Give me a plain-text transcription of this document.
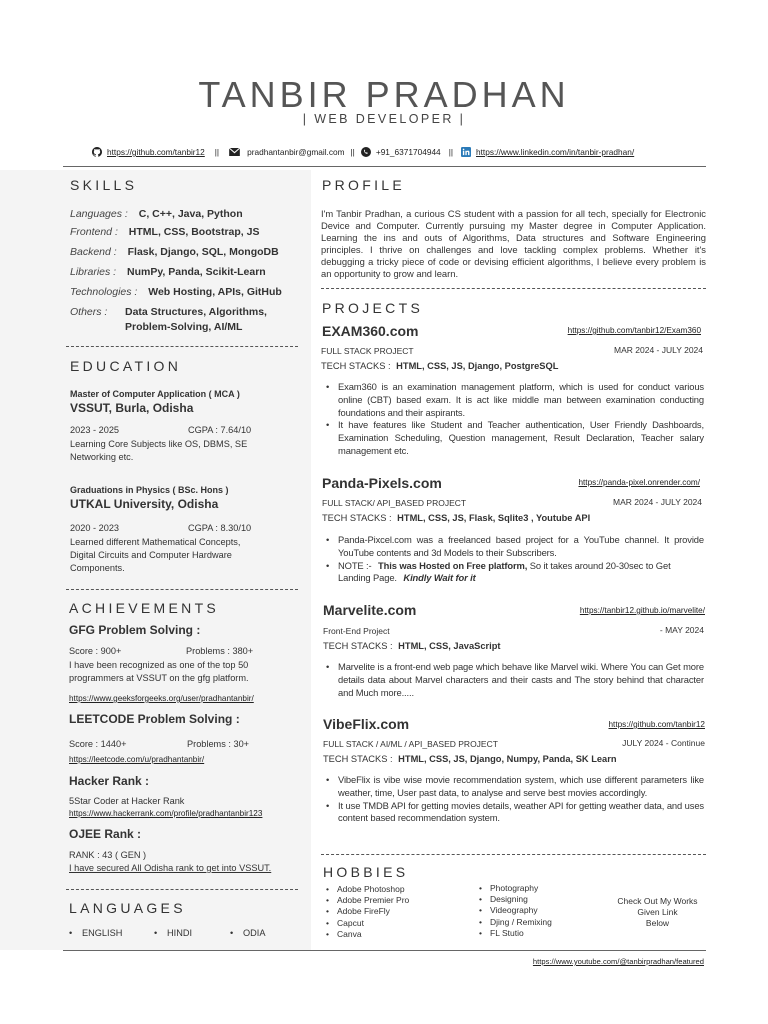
TANBIR PRADHAN
| WEB DEVELOPER |
https://github.com/tanbir12 ||	pradhantanbir@gmail.com ||	+91_6371704944 ||	https://www.linkedin.com/in/tanbir-pradhan/
SKILLS
Languages : C, C++, Java, Python
Frontend : HTML, CSS, Bootstrap, JS
Backend : Flask, Django, SQL, MongoDB
Libraries : NumPy, Panda, Scikit-Learn
Technologies : Web Hosting, APIs, GitHub
Others : Data Structures, Algorithms,
Problem-Solving, AI/ML
EDUCATION
Master of Computer Application ( MCA )
VSSUT, Burla, Odisha
2023 - 2025	CGPA : 7.64/10
Learning Core Subjects like OS, DBMS, SE
Networking etc.
Graduations in Physics ( BSc. Hons )
UTKAL University, Odisha
2020 - 2023	CGPA : 8.30/10
Learned different Mathematical Concepts,
Digital Circuits and Computer Hardware
Components.
ACHIEVEMENTS
GFG Problem Solving :
Score : 900+	Problems : 380+
I have been recognized as one of the top 50
programmers at VSSUT on the gfg platform.
https://www.geeksforgeeks.org/user/pradhantanbir/
LEETCODE Problem Solving :
Score : 1440+	Problems : 30+
https://leetcode.com/u/pradhantanbir/
Hacker Rank :
5Star Coder at Hacker Rank
https://www.hackerrank.com/profile/pradhantanbir123
OJEE Rank :
RANK : 43 ( GEN )
I have secured All Odisha rank to get into VSSUT.
LANGUAGES
• ENGLISH	• HINDI	• ODIA
PROFILE
I'm Tanbir Pradhan, a curious CS student with a passion for all tech, specially for Electronic Device and Computer. Currently pursuing my Master degree in Computer Application. Learning the ins and outs of Algorithms, Data structures and Software Engineering principles. I thrive on challenges and love tackling complex problems. Whether it's debugging a tricky piece of code or devising efficient algorithms, I believe every problem is an opportunity to grow and learn.
PROJECTS
EXAM360.com	https://github.com/tanbir12/Exam360
FULL STACK PROJECT	MAR 2024 - JULY 2024
TECH STACKS : HTML, CSS, JS, Django, PostgreSQL
• Exam360 is an examination management platform, which is used for conduct various online (CBT) based exam. It is act like middle man between examination conducting foundations and their aspirants.
• It have features like Student and Teacher authentication, User Friendly Dashboards, Examination Scheduling, Question management, Result Declaration, Teacher salary management etc.
Panda-Pixels.com	https://panda-pixel.onrender.com/
FULL STACK/ API_BASED PROJECT	MAR 2024 - JULY 2024
TECH STACKS : HTML, CSS, JS, Flask, Sqlite3 , Youtube API
• Panda-Pixcel.com was a freelanced based project for a YouTube channel. It provide YouTube contents and 3d Models to their Subscribers.
• NOTE :- This was Hosted on Free platform, So it takes around 20-30sec to Get Landing Page. Kindly Wait for it
Marvelite.com	https://tanbir12.github.io/marvelite/
Front-End Project	- MAY 2024
TECH STACKS : HTML, CSS, JavaScript
• Marvelite is a front-end web page which behave like Marvel wiki. Where You can Get more details data about Marvel characters and their casts and The story behind that character and Much more.....
VibeFlix.com	https://github.com/tanbir12
FULL STACK / AI/ML / API_BASED PROJECT	JULY 2024 - Continue
TECH STACKS : HTML, CSS, JS, Django, Numpy, Panda, SK Learn
• VibeFlix is vibe wise movie recommendation system, which use different parameters like weather, time, User past data, to analyse and serve best movies accordingly.
• It use TMDB API for getting movies details, weather API for getting weather data, and uses content based recommendation system.
HOBBIES
• Adobe Photoshop
• Adobe Premier Pro
• Adobe FireFly
• Capcut
• Canva
• Photography
• Designing
• Videography
• Djing / Remixing
• FL Stutio
Check Out My Works
Given Link
Below
https://www.youtube.com/@tanbirpradhan/featured
